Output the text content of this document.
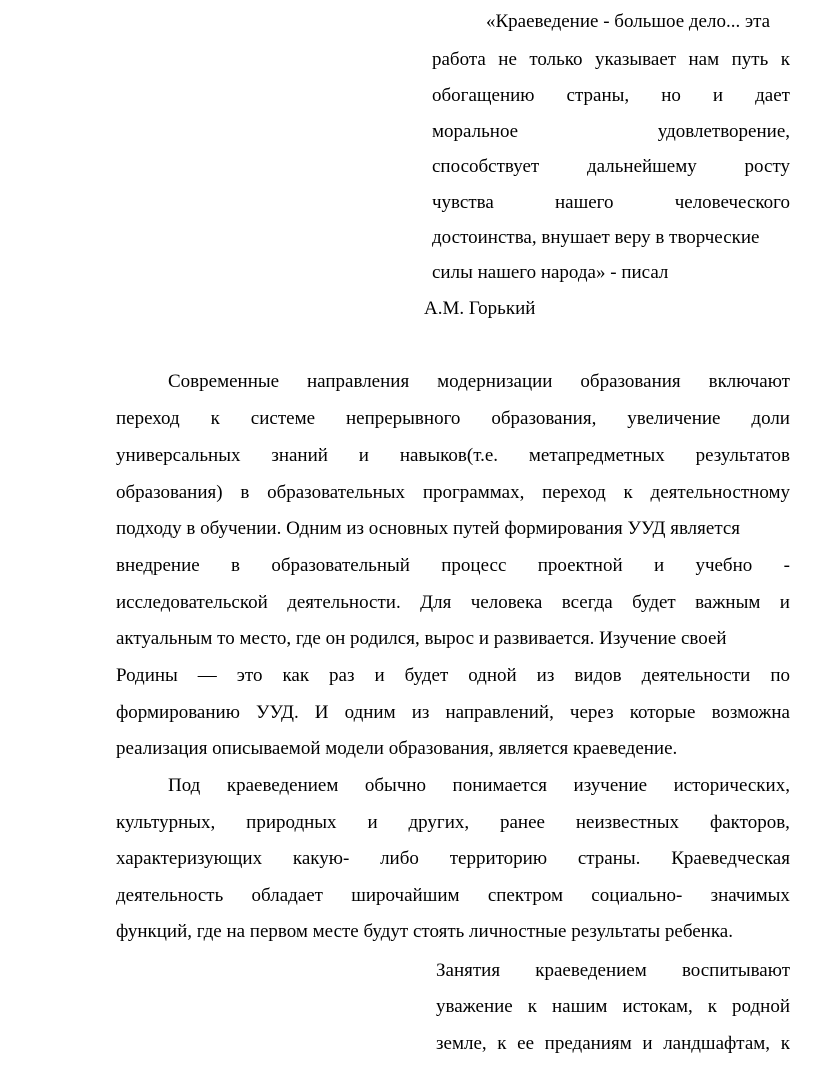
«Краеведение - большое дело... эта
работа не только указывает нам путь к
обогащению страны, но и дает
моральное	удовлетворение,
способствует	дальнейшему	росту
чувства	нашего	человеческого
достоинства, внушает веру в творческие
силы нашего народа» - писал
А.М. Горький
Современные направления модернизации образования включают
переход к системе непрерывного образования, увеличение доли
универсальных знаний и навыков(т.е. метапредметных результатов
образования) в образовательных программах, переход к деятельностному
подходу в обучении. Одним из основных путей формирования УУД является
внедрение в образовательный процесс проектной и учебно -
исследовательской деятельности. Для человека всегда будет важным и
актуальным то место, где он родился, вырос и развивается. Изучение своей
Родины — это как раз и будет одной из видов деятельности по
формированию УУД. И одним из направлений, через которые возможна
реализация описываемой модели образования, является краеведение.
Под краеведением обычно понимается изучение исторических,
культурных, природных и других, ранее неизвестных факторов,
характеризующих какую- либо территорию страны. Краеведческая
деятельность обладает широчайшим спектром социально- значимых
функций, где на первом месте будут стоять личностные результаты ребенка.
Занятия краеведением воспитывают
уважение к нашим истокам, к родной
земле, к ее преданиям и ландшафтам, к
